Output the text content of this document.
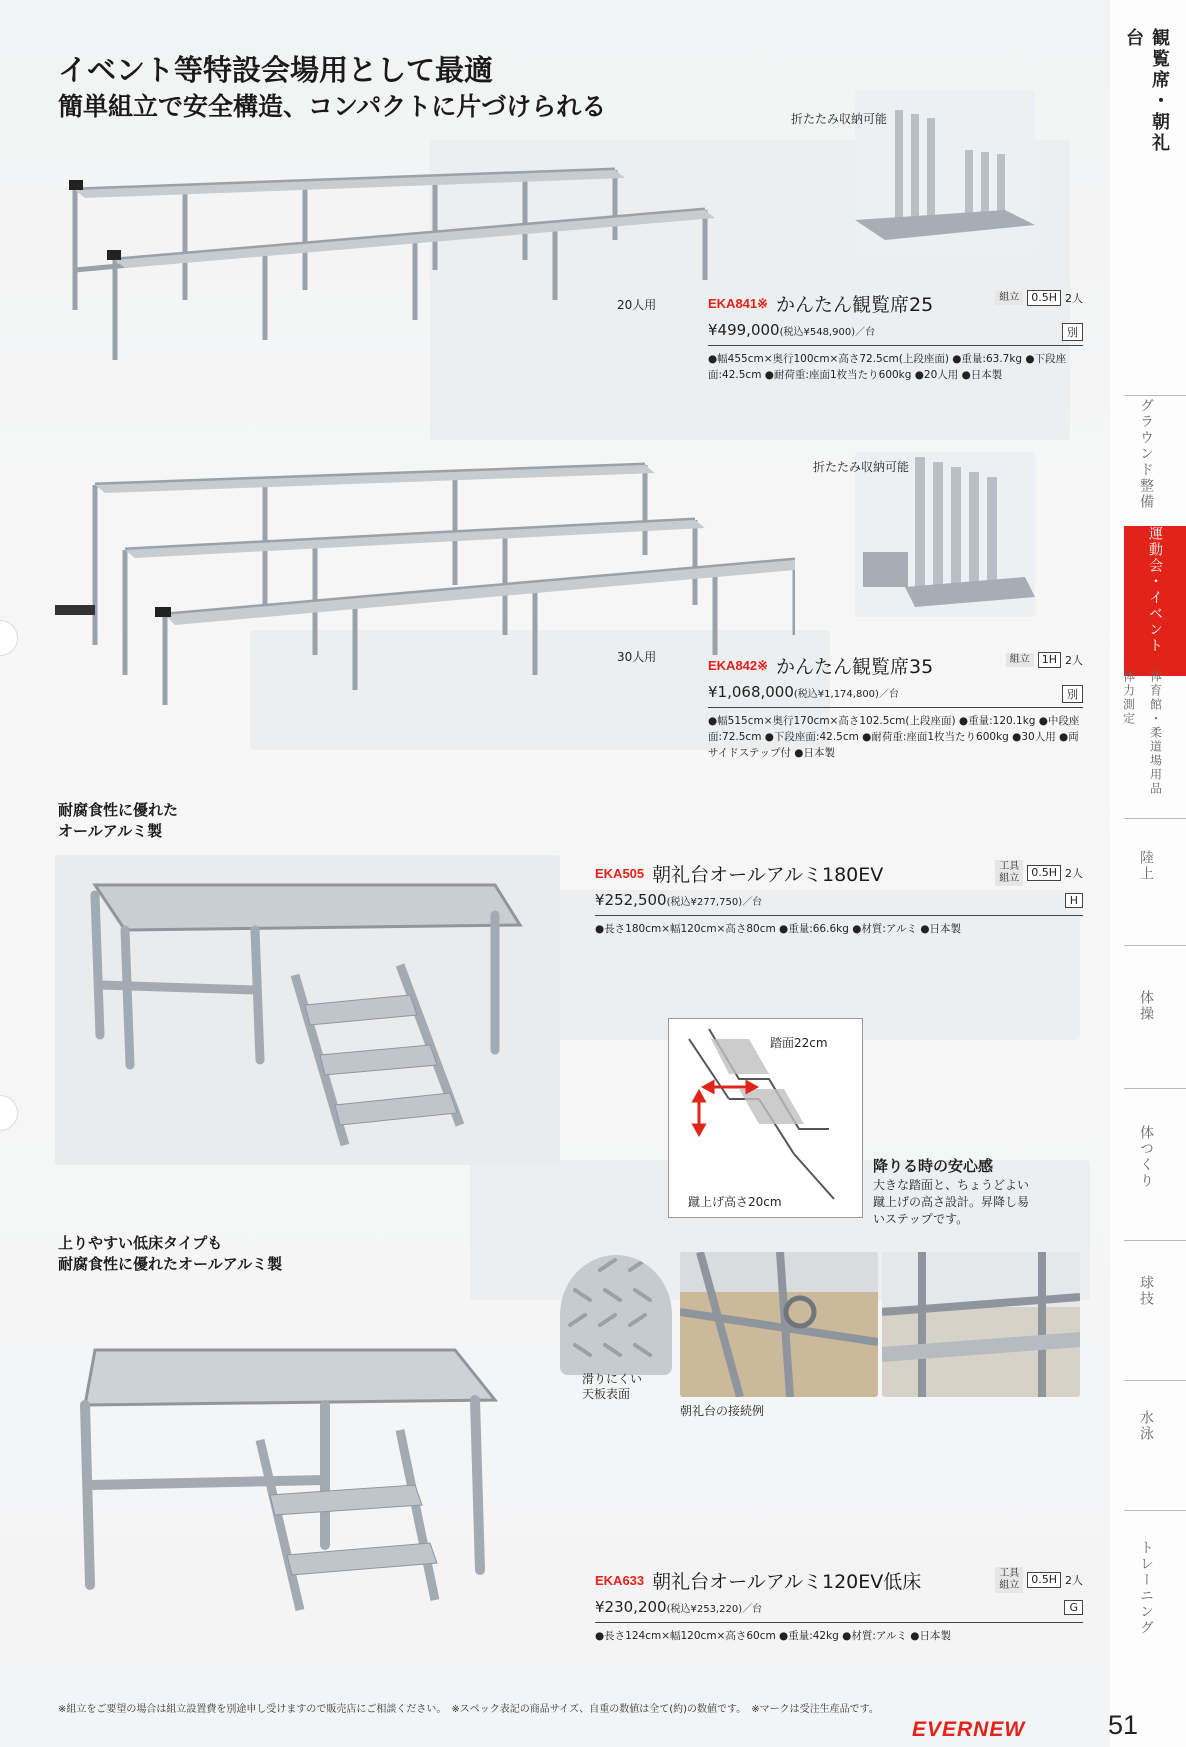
イベント等特設会場用として最適
簡単組立で安全構造、コンパクトに片づけられる
20人用
折たたみ収納可能
EKA841 ※ かんたん観覧席25	組立	0.5H 2人
¥499,000(税込¥548,900)／台	別
●幅455cm×奥行100cm×高さ72.5cm(上段座面) ●重量:63.7kg ●下段座面:42.5cm ●耐荷重:座面1枚当たり600kg ●20人用 ●日本製
30人用
折たたみ収納可能
EKA842 ※ かんたん観覧席35	組立	1H 2人
¥1,068,000(税込¥1,174,800)／台	別
●幅515cm×奥行170cm×高さ102.5cm(上段座面) ●重量:120.1kg ●中段座面:72.5cm ●下段座面:42.5cm ●耐荷重:座面1枚当たり600kg ●30人用 ●両サイドステップ付 ●日本製
耐腐食性に優れた
オールアルミ製
EKA505 朝礼台オールアルミ180EV	工具
組立	0.5H 2人
¥252,500(税込¥277,750)／台	H
●長さ180cm×幅120cm×高さ80cm ●重量:66.6kg ●材質:アルミ ●日本製
踏面22cm
蹴上げ高さ20cm
降りる時の安心感
大きな踏面と、ちょうどよい蹴上げの高さ設計。昇降し易いステップです。
上りやすい低床タイプも
耐腐食性に優れたオールアルミ製
滑りにくい
天板表面
朝礼台の接続例
EKA633 朝礼台オールアルミ120EV低床	工具
組立	0.5H 2人
¥230,200(税込¥253,220)／台	G
●長さ124cm×幅120cm×高さ60cm ●重量:42kg ●材質:アルミ ●日本製
観覧席・朝礼台
グラウンド整備
運動会・イベント
体育館・柔道場用品
体力測定
陸上
体操
体つくり
球技
水泳
トレーニング
※組立をご要望の場合は組立設置費を別途申し受けますので販売店にご相談ください。　※スペック表記の商品サイズ、自重の数値は全て(約)の数値です。　※マークは受注生産品です。
EVERNEW	51
